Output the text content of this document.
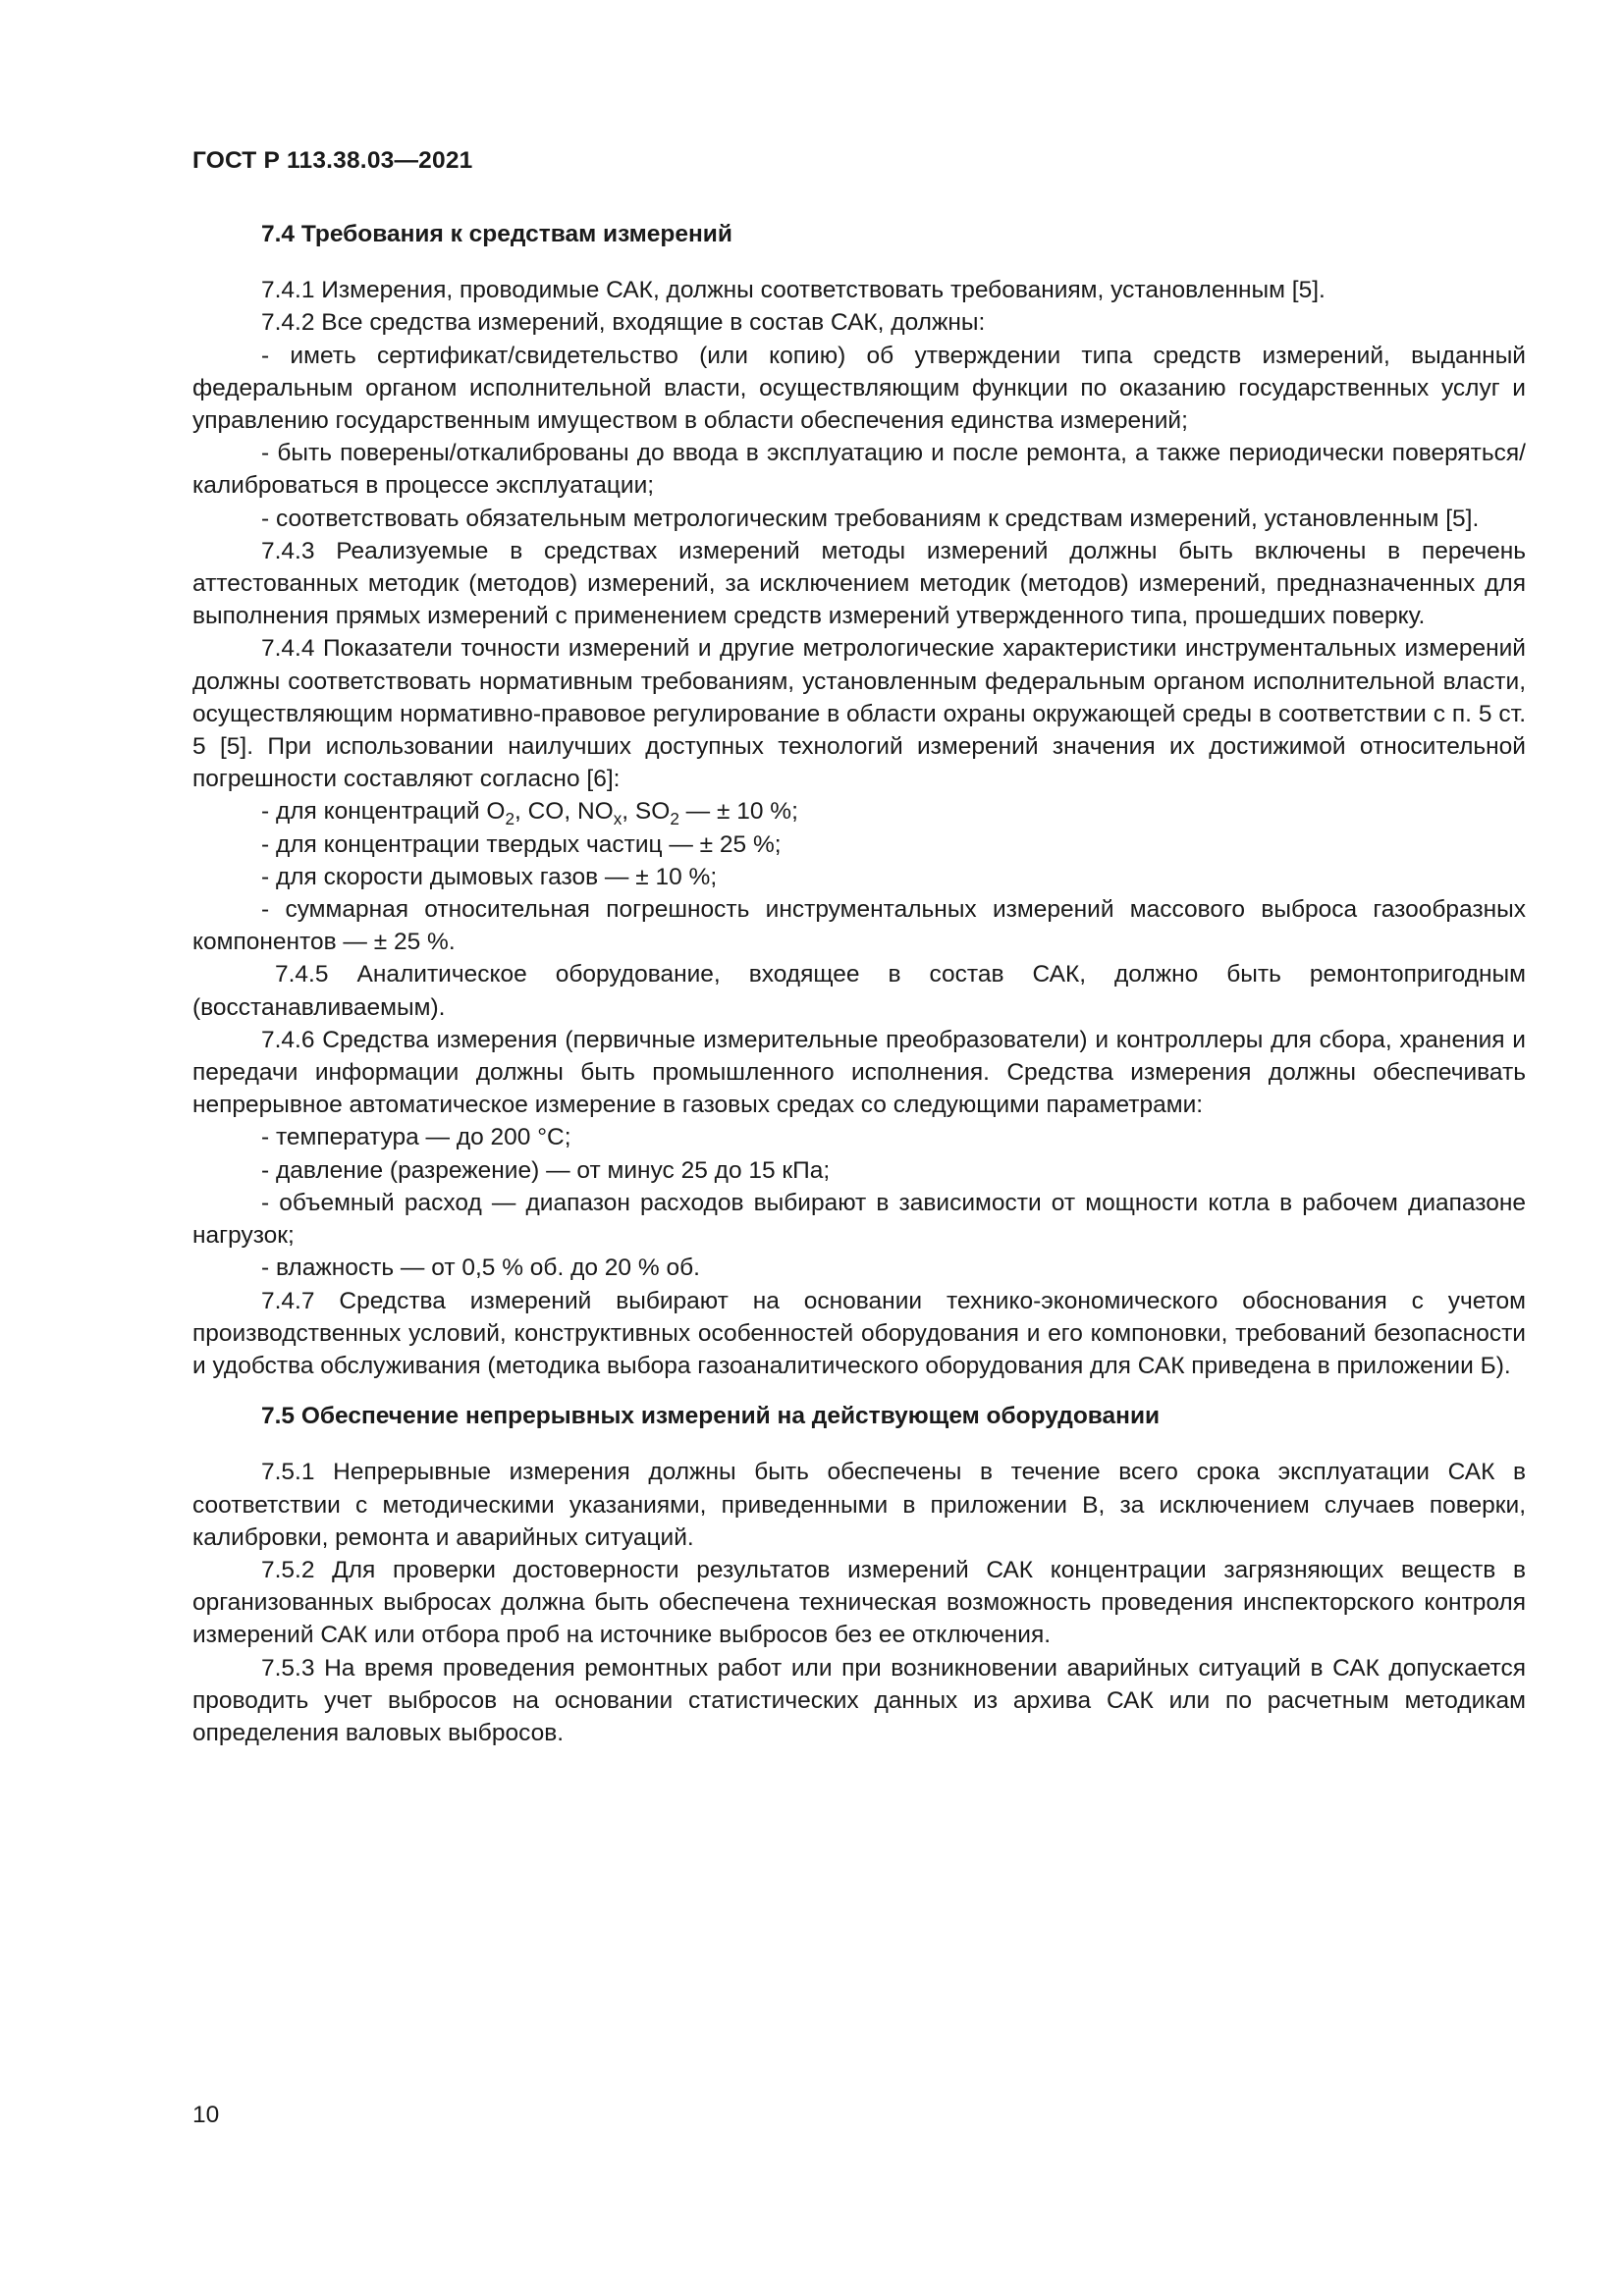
ГОСТ Р 113.38.03—2021

7.4 Требования к средствам измерений

7.4.1 Измерения, проводимые САК, должны соответствовать требованиям, установленным [5].

7.4.2 Все средства измерений, входящие в состав САК, должны:

- иметь сертификат/свидетельство (или копию) об утверждении типа средств измерений, выданный федеральным органом исполнительной власти, осуществляющим функции по оказанию государственных услуг и управлению государственным имуществом в области обеспечения единства измерений;

- быть поверены/откалиброваны до ввода в эксплуатацию и после ремонта, а также периодически поверяться/калиброваться в процессе эксплуатации;

- соответствовать обязательным метрологическим требованиям к средствам измерений, установленным [5].

7.4.3 Реализуемые в средствах измерений методы измерений должны быть включены в перечень аттестованных методик (методов) измерений, за исключением методик (методов) измерений, предназначенных для выполнения прямых измерений с применением средств измерений утвержденного типа, прошедших поверку.

7.4.4 Показатели точности измерений и другие метрологические характеристики инструментальных измерений должны соответствовать нормативным требованиям, установленным федеральным органом исполнительной власти, осуществляющим нормативно-правовое регулирование в области охраны окружающей среды в соответствии с п. 5 ст. 5 [5]. При использовании наилучших доступных технологий измерений значения их достижимой относительной погрешности составляют согласно [6]:

- для концентраций $O_2$, CO, $NO_x$, $SO_2$ — ± 10 %;

- для концентрации твердых частиц — ± 25 %;

- для скорости дымовых газов — ± 10 %;

- суммарная относительная погрешность инструментальных измерений массового выброса газообразных компонентов — ± 25 %.

7.4.5 Аналитическое оборудование, входящее в состав САК, должно быть ремонтопригодным (восстанавливаемым).

7.4.6 Средства измерения (первичные измерительные преобразователи) и контроллеры для сбора, хранения и передачи информации должны быть промышленного исполнения. Средства измерения должны обеспечивать непрерывное автоматическое измерение в газовых средах со следующими параметрами:

- температура — до 200 °С;

- давление (разрежение) — от минус 25 до 15 кПа;

- объемный расход — диапазон расходов выбирают в зависимости от мощности котла в рабочем диапазоне нагрузок;

- влажность — от 0,5 % об. до 20 % об.

7.4.7 Средства измерений выбирают на основании технико-экономического обоснования с учетом производственных условий, конструктивных особенностей оборудования и его компоновки, требований безопасности и удобства обслуживания (методика выбора газоаналитического оборудования для САК приведена в приложении Б).

7.5 Обеспечение непрерывных измерений на действующем оборудовании

7.5.1 Непрерывные измерения должны быть обеспечены в течение всего срока эксплуатации САК в соответствии с методическими указаниями, приведенными в приложении В, за исключением случаев поверки, калибровки, ремонта и аварийных ситуаций.

7.5.2 Для проверки достоверности результатов измерений САК концентрации загрязняющих веществ в организованных выбросах должна быть обеспечена техническая возможность проведения инспекторского контроля измерений САК или отбора проб на источнике выбросов без ее отключения.

7.5.3 На время проведения ремонтных работ или при возникновении аварийных ситуаций в САК допускается проводить учет выбросов на основании статистических данных из архива САК или по расчетным методикам определения валовых выбросов.

10
